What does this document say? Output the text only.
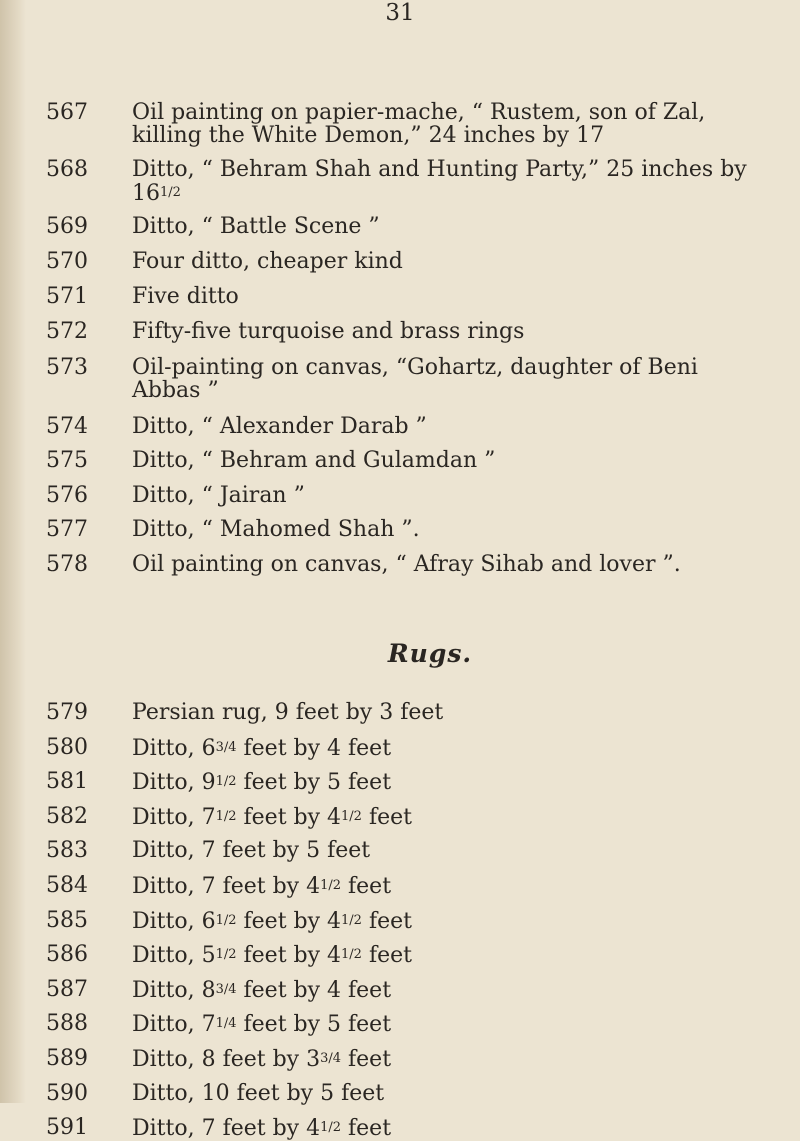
31
567	Oil painting on papier-mache, “ Rustem, son of Zal,
killing the White Demon,” 24 inches by 17
568	Ditto, “ Behram Shah and Hunting Party,” 25 inches by
161/2
569	Ditto, “ Battle Scene ”
570	Four ditto, cheaper kind
571	Five ditto
572	Fifty-five turquoise and brass rings
573	Oil-painting on canvas, “Gohartz, daughter of Beni
Abbas ”
574	Ditto, “ Alexander Darab ”
575	Ditto, “ Behram and Gulamdan ”
576	Ditto, “ Jairan ”
577	Ditto, “ Mahomed Shah ”.
578	Oil painting on canvas, “ Afray Sihab and lover ”.
Rugs.
579	Persian rug, 9 feet by 3 feet
580	Ditto, 63/4 feet by 4 feet
581	Ditto, 91/2 feet by 5 feet
582	Ditto, 71/2 feet by 41/2 feet
583	Ditto, 7 feet by 5 feet
584	Ditto, 7 feet by 41/2 feet
585	Ditto, 61/2 feet by 41/2 feet
586	Ditto, 51/2 feet by 41/2 feet
587	Ditto, 83/4 feet by 4 feet
588	Ditto, 71/4 feet by 5 feet
589	Ditto, 8 feet by 33/4 feet
590	Ditto, 10 feet by 5 feet
591	Ditto, 7 feet by 41/2 feet
